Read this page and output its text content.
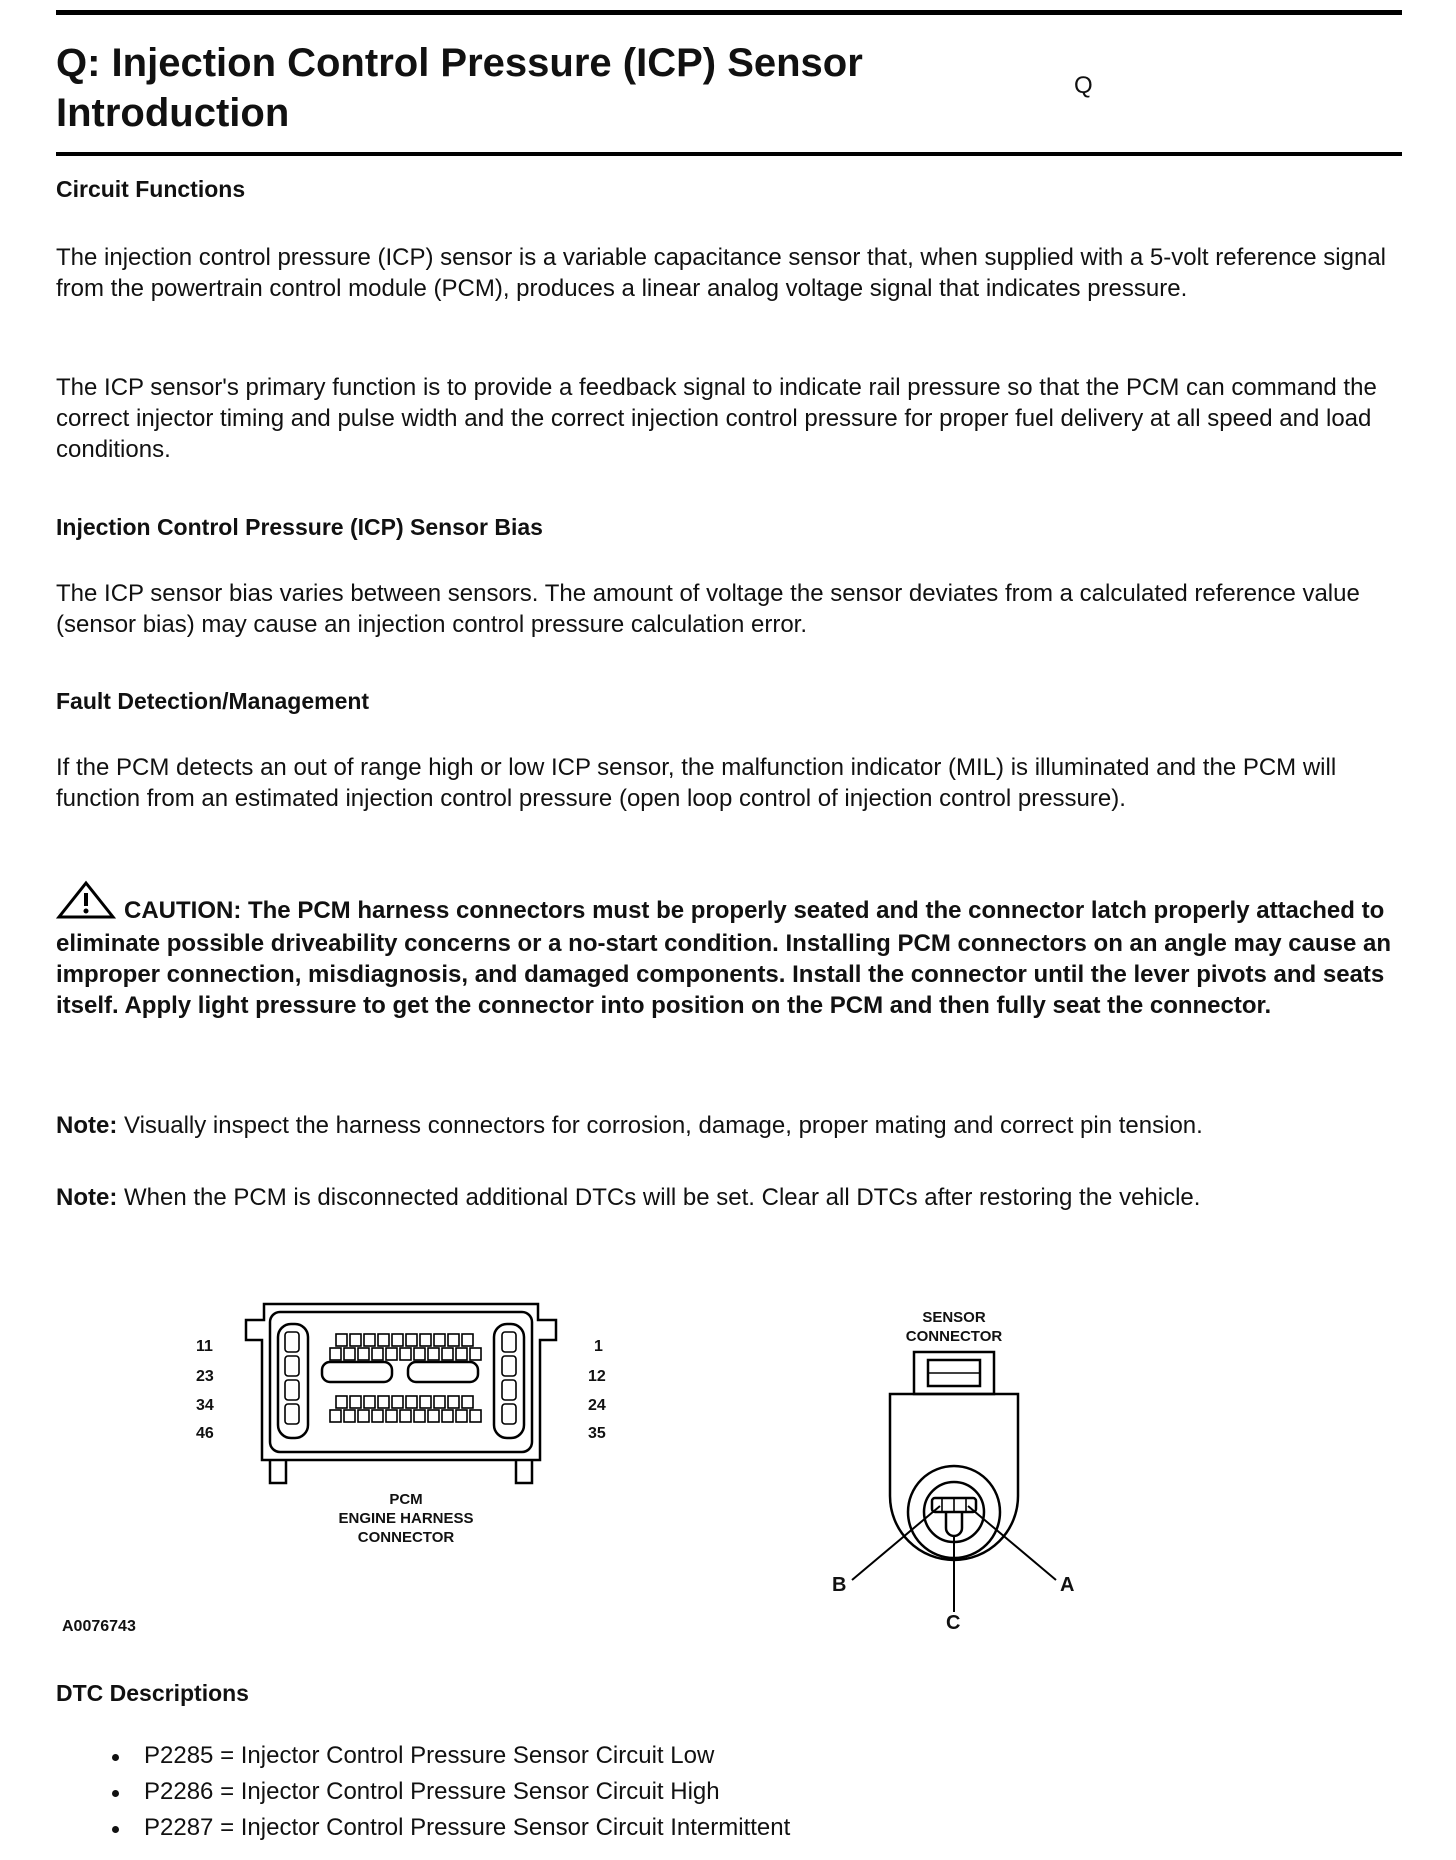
Q: Injection Control Pressure (ICP) Sensor Introduction
Q
Circuit Functions

The injection control pressure (ICP) sensor is a variable capacitance sensor that, when supplied with a 5-volt reference signal from the powertrain control module (PCM), produces a linear analog voltage signal that indicates pressure.

The ICP sensor's primary function is to provide a feedback signal to indicate rail pressure so that the PCM can command the correct injector timing and pulse width and the correct injection control pressure for proper fuel delivery at all speed and load conditions.

Injection Control Pressure (ICP) Sensor Bias

The ICP sensor bias varies between sensors. The amount of voltage the sensor deviates from a calculated reference value (sensor bias) may cause an injection control pressure calculation error.

Fault Detection/Management

If the PCM detects an out of range high or low ICP sensor, the malfunction indicator (MIL) is illuminated and the PCM will function from an estimated injection control pressure (open loop control of injection control pressure).

CAUTION: The PCM harness connectors must be properly seated and the connector latch properly attached to eliminate possible driveability concerns or a no-start condition. Installing PCM connectors on an angle may cause an improper connection, misdiagnosis, and damaged components. Install the connector until the lever pivots and seats itself. Apply light pressure to get the connector into position on the PCM and then fully seat the connector.

Note: Visually inspect the harness connectors for corrosion, damage, proper mating and correct pin tension.

Note: When the PCM is disconnected additional DTCs will be set. Clear all DTCs after restoring the vehicle.

11
23
34
46
1
12
24
35
PCM
ENGINE HARNESS
CONNECTOR
SENSOR
CONNECTOR
B	A
C
A0076743
DTC Descriptions
P2285 = Injector Control Pressure Sensor Circuit Low
P2286 = Injector Control Pressure Sensor Circuit High
P2287 = Injector Control Pressure Sensor Circuit Intermittent
